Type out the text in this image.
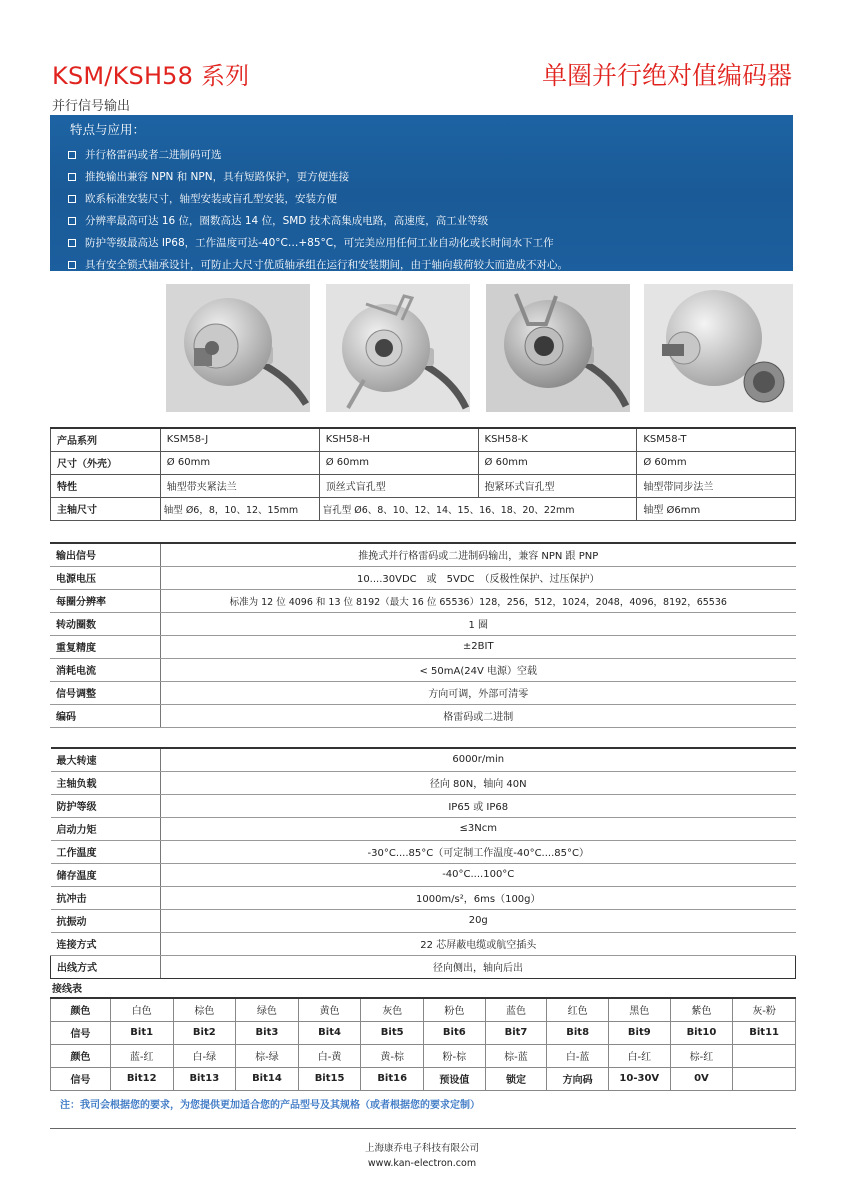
KSM/KSH58 系列	单圈并行绝对值编码器
并行信号输出
特点与应用：
并行格雷码或者二进制码可选
推挽输出兼容 NPN 和 NPN，具有短路保护，更方便连接
欧系标准安装尺寸，轴型安装或盲孔型安装，安装方便
分辨率最高可达 16 位，圈数高达 14 位，SMD 技术高集成电路，高速度，高工业等级
防护等级最高达 IP68，工作温度可达-40°C…+85°C，可完美应用任何工业自动化或长时间水下工作
具有安全锁式轴承设计，可防止大尺寸优质轴承组在运行和安装期间，由于轴向载荷较大而造成不对心。
产品系列	KSM58-J	KSH58-H	KSH58-K	KSM58-T
尺寸（外壳）	Ø 60mm	Ø 60mm	Ø 60mm	Ø 60mm
特性	轴型带夹紧法兰	顶丝式盲孔型	抱紧环式盲孔型	轴型带同步法兰
主轴尺寸	轴型 Ø6，8，10、12、15mm	盲孔型 Ø6、8、10、12、14、15、16、18、20、22mm		轴型 Ø6mm
输出信号	推挽式并行格雷码或二进制码输出，兼容 NPN 跟 PNP
电源电压	10....30VDC　或　5VDC　（反极性保护、过压保护）
每圈分辨率	标准为 12 位 4096 和 13 位 8192（最大 16 位 65536）128，256，512，1024，2048，4096，8192，65536
转动圈数	1 圈
重复精度	±2BIT
消耗电流	< 50mA(24V 电源）空载
信号调整	方向可调，外部可清零
编码	格雷码或二进制
最大转速	6000r/min
主轴负载	径向 80N，轴向 40N
防护等级	IP65 或 IP68
启动力矩	≤3Ncm
工作温度	-30°C....85°C（可定制工作温度-40°C....85°C）
储存温度	-40°C....100°C
抗冲击	1000m/s²，6ms（100g）
抗振动	20g
连接方式	22 芯屏蔽电缆或航空插头
出线方式	径向侧出，轴向后出
接线表
颜色	白色	棕色	绿色	黄色	灰色	粉色	蓝色	红色	黑色	紫色	灰-粉
信号	Bit1	Bit2	Bit3	Bit4	Bit5	Bit6	Bit7	Bit8	Bit9	Bit10	Bit11
颜色	蓝-红	白-绿	棕-绿	白-黄	黄-棕	粉-棕	棕-蓝	白-蓝	白-红	棕-红	
信号	Bit12	Bit13	Bit14	Bit15	Bit16	预设值	锁定	方向码	10-30V	0V	
注：我司会根据您的要求，为您提供更加适合您的产品型号及其规格（或者根据您的要求定制）
上海康乔电子科技有限公司
www.kan-electron.com
